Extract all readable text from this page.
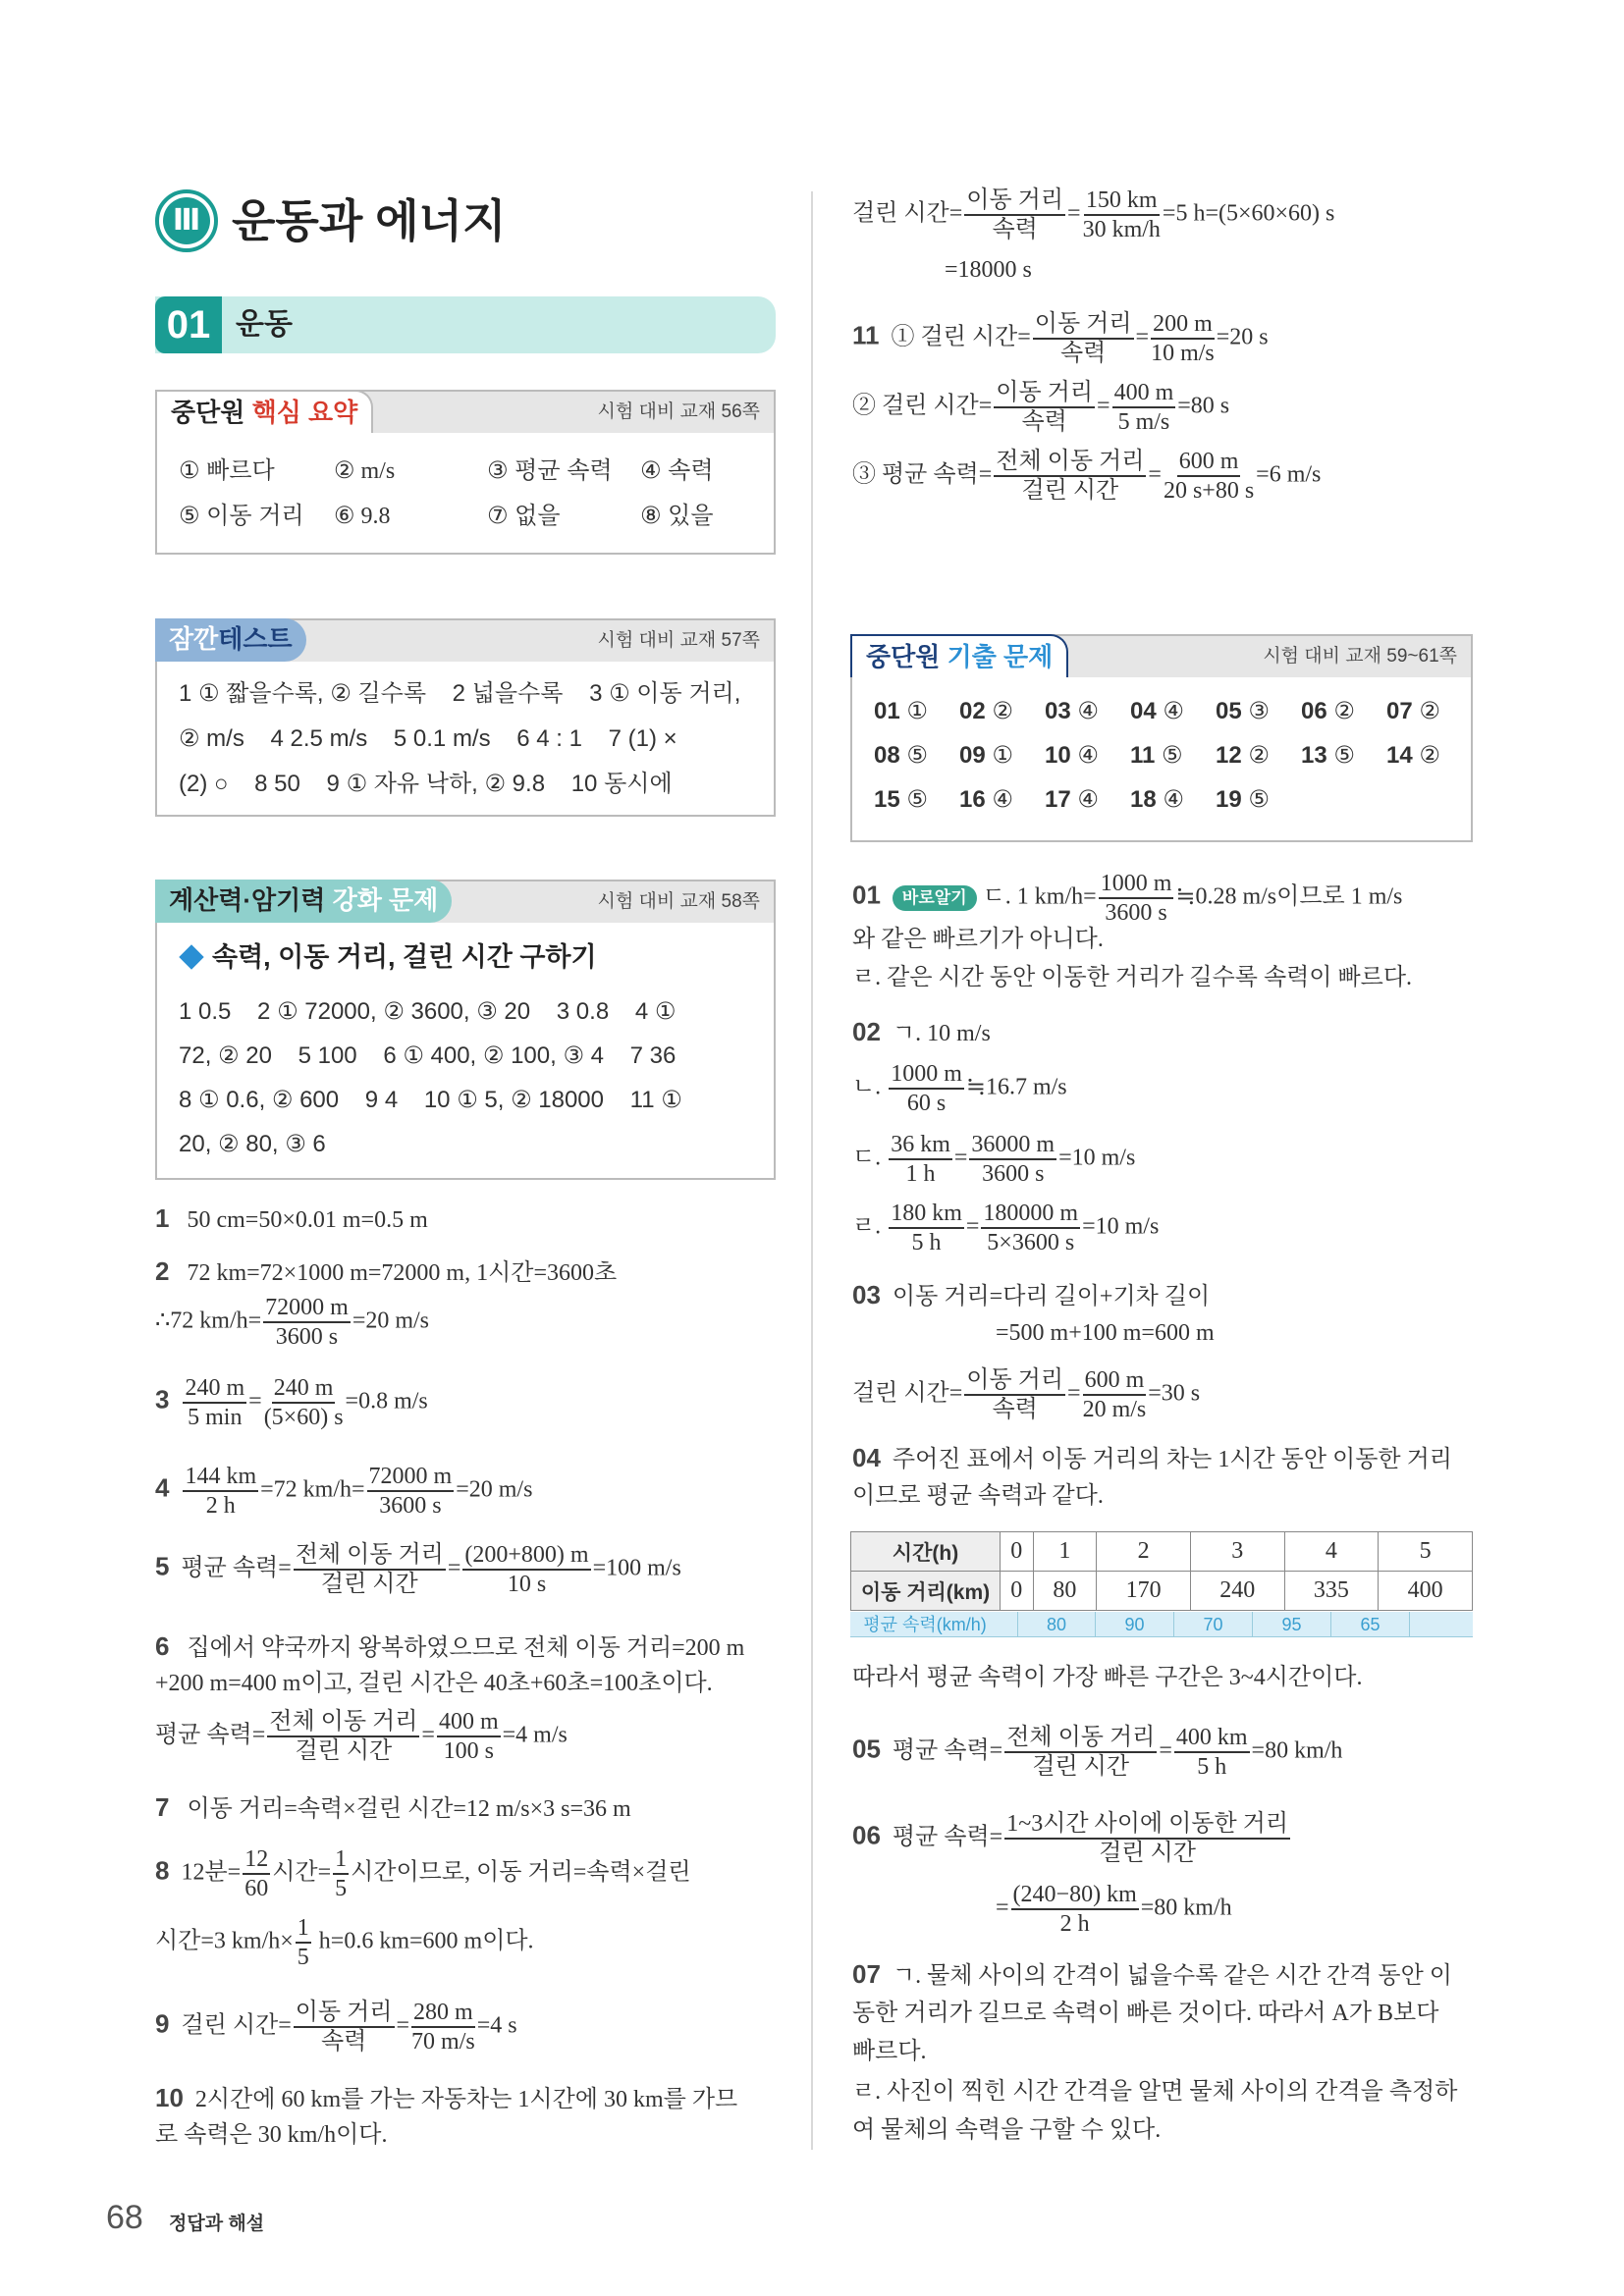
Ⅲ 운동과 에너지
01 운동
중단원 핵심 요약	시험 대비 교재 56쪽
① 빠르다	② m/s	③ 평균 속력 ④ 속력
⑤ 이동 거리 ⑥ 9.8	⑦ 없을	⑧ 있을
잠깐테스트	시험 대비 교재 57쪽
1 ① 짧을수록, ② 길수록    2 넓을수록    3 ① 이동 거리,
② m/s    4 2.5 m/s    5 0.1 m/s    6 4 : 1    7 (1) ×
(2) ○    8 50    9 ① 자유 낙하, ② 9.8    10 동시에
계산력·암기력 강화 문제	시험 대비 교재 58쪽
속력, 이동 거리, 걸린 시간 구하기
1 0.5    2 ① 72000, ② 3600, ③ 20    3 0.8    4 ①
72, ② 20    5 100    6 ① 400, ② 100, ③ 4    7 36
8 ① 0.6, ② 600    9 4    10 ① 5, ② 18000    11 ①
20, ② 80, ③ 6
1 50 cm=50×0.01 m=0.5 m
2 72 km=72×1000 m=72000 m, 1시간=3600초
∴72 $km/h= \frac{72000 m}{3600 s} =20$ m/s
$3 \frac{240 m}{5 \min} = \frac{240 m}{(5\times 60) s} =0.8$ m/s
$4 \frac{144 km}{2 h} =72$ $km/h= \frac{72000 m}{3600 s} =20$ m/s
5 평균 속력= $\frac{\text{전체 이동 거리}}{\text{걸린 시간}} = \frac{(200+800) m}{10 s} =100$ m/s
6 집에서 약국까지 왕복하였으므로 전체 이동 거리=200 m
+200 m=400 m이고, 걸린 시간은 40초+60초=100초이다.
평균 속력= $\frac{\text{전체 이동 거리}}{\text{걸린 시간}} = \frac{400 m}{100 s} =4$ m/s
7 이동 거리=속력×걸린 시간=12 m/s×3 s=36 m
8 12분= $\frac{12}{60}$ 시간= $\frac{1}{5}$ 시간이므로, 이동 거리=속력×걸린
시간=3 $km/h\times \frac{1}{5} h=0.6$ km=600 m이다.
9 걸린 시간= $\frac{\text{이동 거리}}{\text{속력}} = \frac{280 m}{70 m/s} =4$ s
10 2시간에 60 km를 가는 자동차는 1시간에 30 km를 가므
로 속력은 30 km/h이다.
걸린 시간= $\frac{\text{이동 거리}}{\text{속력}} = \frac{150 km}{30 km/h} =5$ h=(5×60×60) s
=18000 s
11 ① 걸린 시간= $\frac{\text{이동 거리}}{\text{속력}} = \frac{200 m}{10 m/s} =20$ s
② 걸린 시간= $\frac{\text{이동 거리}}{\text{속력}} = \frac{400 m}{5 m/s} =80$ s
③ 평균 속력= $\frac{\text{전체 이동 거리}}{\text{걸린 시간}} = \frac{600 m}{20 s+80 s} =6$ m/s
중단원 기출 문제	시험 대비 교재 59~61쪽
01 ① 02 ② 03 ④ 04 ④ 05 ③ 06 ② 07 ②
08 ⑤ 09 ① 10 ④ 11 ⑤ 12 ② 13 ⑤ 14 ②
15 ⑤ 16 ④ 17 ④ 18 ④ 19 ⑤
01 바로알기 ㄷ. 1 $km/h= \frac{1000 m}{3600 s}$ ≒0.28 m/s이므로 1 m/s
와 같은 빠르기가 아니다.
ㄹ. 같은 시간 동안 이동한 거리가 길수록 속력이 빠르다.
02 ㄱ. 10 m/s
ㄴ. $\frac{1000 m}{60 s}$ ≒16.7 m/s
ㄷ. $\frac{36 km}{1 h} = \frac{36000 m}{3600 s} =10$ m/s
ㄹ. $\frac{180 km}{5 h} = \frac{180000 m}{5\times 3600 s} =10$ m/s
03 이동 거리=다리 길이+기차 길이
=500 m+100 m=600 m
걸린 시간= $\frac{\text{이동 거리}}{\text{속력}} = \frac{600 m}{20 m/s} =30$ s
04 주어진 표에서 이동 거리의 차는 1시간 동안 이동한 거리
이므로 평균 속력과 같다.
시간(h)	0	1	2	3	4	5
이동 거리(km)	0	80	170	240	335	400
평균 속력(km/h)	80	90	70	95	65
따라서 평균 속력이 가장 빠른 구간은 3~4시간이다.
05 평균 속력= $\frac{\text{전체 이동 거리}}{\text{걸린 시간}} = \frac{400 km}{5 h} =80$ km/h
06 평균 속력= $\frac{\text{1\textasciitilde{}3시간 사이에 이동한 거리}}{\text{걸린 시간}}$
= $\frac{(240-80) km}{2 h} =80$ km/h
07 ㄱ. 물체 사이의 간격이 넓을수록 같은 시간 간격 동안 이
동한 거리가 길므로 속력이 빠른 것이다. 따라서 A가 B보다
빠르다.
ㄹ. 사진이 찍힌 시간 간격을 알면 물체 사이의 간격을 측정하
여 물체의 속력을 구할 수 있다.
68 정답과 해설
